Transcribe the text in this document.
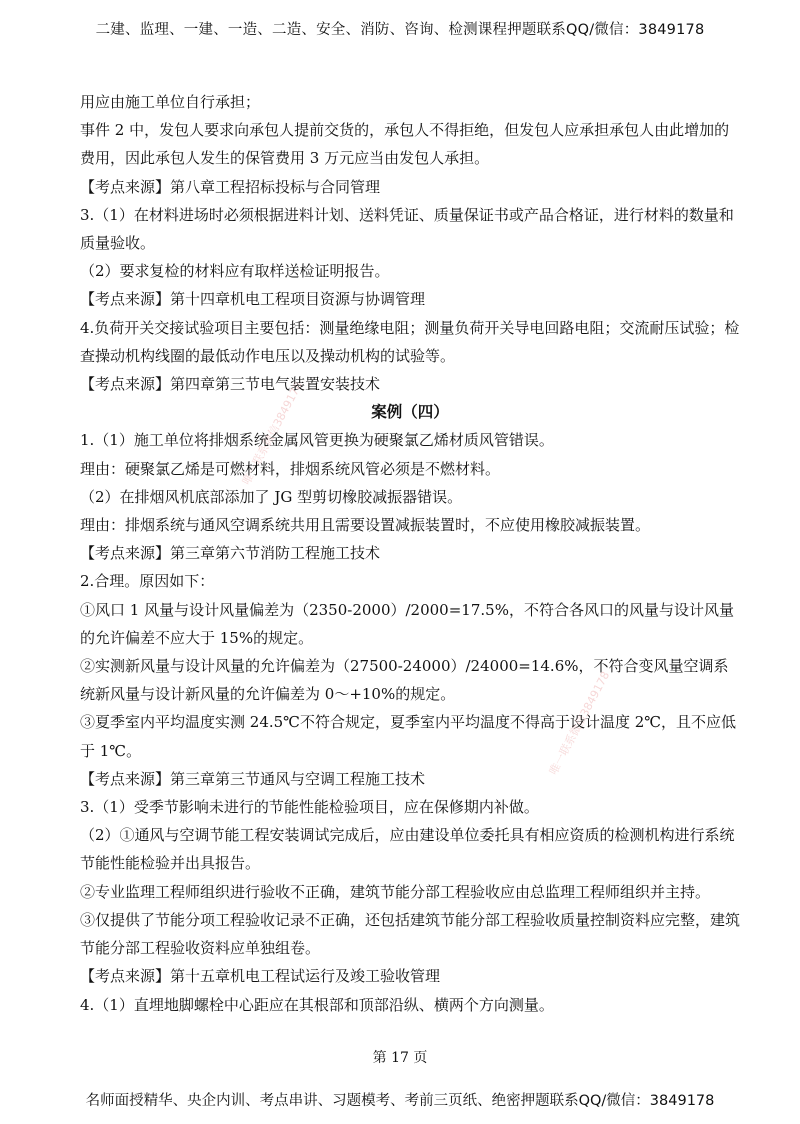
二建、监理、一建、一造、二造、安全、消防、咨询、检测课程押题联系QQ/微信：3849178
唯一联系微信3849178
唯一联系微信3849178

用应由施工单位自行承担；

事件 2 中，发包人要求向承包人提前交货的，承包人不得拒绝，但发包人应承担承包人由此增加的费用，因此承包人发生的保管费用 3 万元应当由发包人承担。

【考点来源】第八章工程招标投标与合同管理

3.（1）在材料进场时必须根据进料计划、送料凭证、质量保证书或产品合格证，进行材料的数量和质量验收。

（2）要求复检的材料应有取样送检证明报告。

【考点来源】第十四章机电工程项目资源与协调管理

4.负荷开关交接试验项目主要包括：测量绝缘电阻；测量负荷开关导电回路电阻；交流耐压试验；检查操动机构线圈的最低动作电压以及操动机构的试验等。

【考点来源】第四章第三节电气装置安装技术

案例（四）

1.（1）施工单位将排烟系统金属风管更换为硬聚氯乙烯材质风管错误。

理由：硬聚氯乙烯是可燃材料，排烟系统风管必须是不燃材料。

（2）在排烟风机底部添加了 JG 型剪切橡胶减振器错误。

理由：排烟系统与通风空调系统共用且需要设置减振装置时，不应使用橡胶减振装置。

【考点来源】第三章第六节消防工程施工技术

2.合理。原因如下：

①风口 1 风量与设计风量偏差为（2350-2000）/2000=17.5%，不符合各风口的风量与设计风量的允许偏差不应大于 15%的规定。

②实测新风量与设计风量的允许偏差为（27500-24000）/24000=14.6%，不符合变风量空调系统新风量与设计新风量的允许偏差为 0～+10%的规定。

③夏季室内平均温度实测 24.5℃不符合规定，夏季室内平均温度不得高于设计温度 2℃，且不应低于 1℃。

【考点来源】第三章第三节通风与空调工程施工技术

3.（1）受季节影响未进行的节能性能检验项目，应在保修期内补做。

（2）①通风与空调节能工程安装调试完成后，应由建设单位委托具有相应资质的检测机构进行系统节能性能检验并出具报告。

②专业监理工程师组织进行验收不正确，建筑节能分部工程验收应由总监理工程师组织并主持。

③仅提供了节能分项工程验收记录不正确，还包括建筑节能分部工程验收质量控制资料应完整，建筑节能分部工程验收资料应单独组卷。

【考点来源】第十五章机电工程试运行及竣工验收管理

4.（1）直埋地脚螺栓中心距应在其根部和顶部沿纵、横两个方向测量。

第 17 页
名师面授精华、央企内训、考点串讲、习题模考、考前三页纸、绝密押题联系QQ/微信：3849178
